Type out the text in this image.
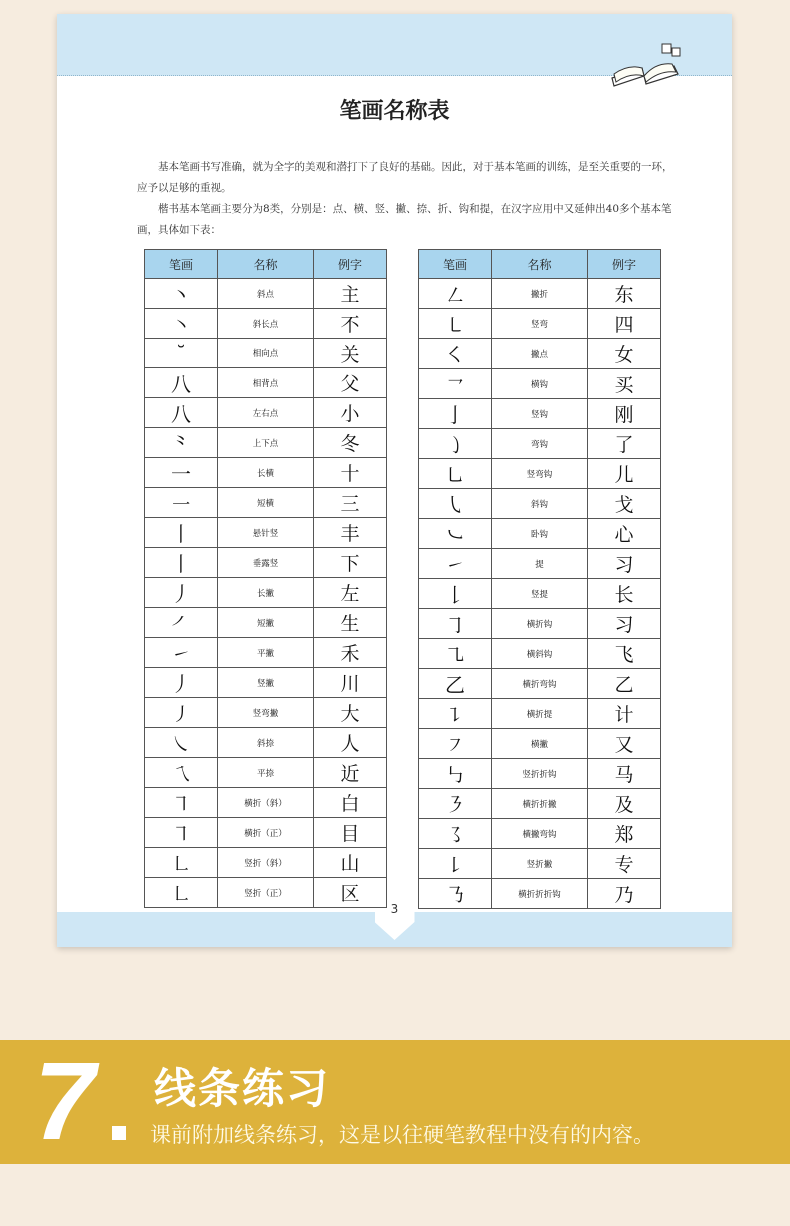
笔画名称表

基本笔画书写准确，就为全字的美观和潜打下了良好的基础。因此，对于基本笔画的训练，是至关重要的一环，应予以足够的重视。

楷书基本笔画主要分为8类，分别是：点、横、竖、撇、捺、折、钩和提，在汉字应用中又延伸出40多个基本笔画，具体如下表：

笔画	名称	例字
丶	斜点	主
㇔	斜长点	不
˘	相向点	关
八	相背点	父
八	左右点	小
⺀	上下点	冬
一	长横	十
㇐	短横	三
丨	悬针竖	丰
丨	垂露竖	下
丿	长撇	左
㇒	短撇	生
㇀	平撇	禾
丿	竖撇	川
㇓	竖弯撇	大
㇏	斜捺	人
㇝	平捺	近
㇕	横折（斜）	白
㇕	横折（正）	目
㇗	竖折（斜）	山
㇗	竖折（正）	区
笔画	名称	例字
㇜	撇折	东
㇄	竖弯	四
㇛	撇点	女
㇖	横钩	买
亅	竖钩	刚
㇁	弯钩	了
㇟	竖弯钩	儿
㇂	斜钩	戈
㇃	卧钩	心
㇀	提	习
𠄌	竖提	长
㇆	横折钩	习
㇈	横斜钩	飞
乙	横折弯钩	乙
㇊	横折提	计
㇇	横撇	又
㇉	竖折折钩	马
㇋	横折折撇	及
㇌	横撇弯钩	郑
㇙	竖折撇	专
㇡	横折折折钩	乃
3
7 线条练习
课前附加线条练习，这是以往硬笔教程中没有的内容。
